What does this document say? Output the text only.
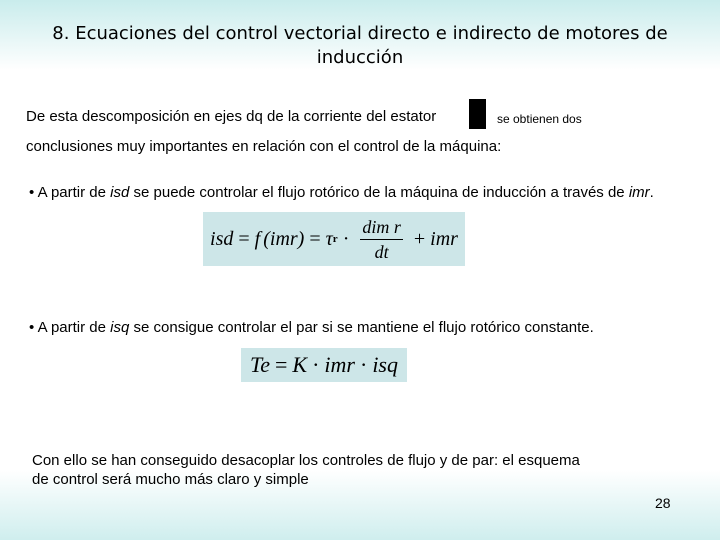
8. Ecuaciones del control vectorial directo e indirecto de motores de inducción
De esta descomposición en ejes dq de la corriente del estator	se obtienen dos
conclusiones muy importantes en relación con el control de la máquina:
• A partir de isd se puede controlar el flujo rotórico de la máquina de inducción a través de imr.
isd = f (imr) = τ $r \cdot \frac{\text{dim r}}{dt}$ + imr
• A partir de isq se consigue controlar el par si se mantiene el flujo rotórico constante.
Te = K · imr · isq
Con ello se han conseguido desacoplar los controles de flujo y de par: el esquema
de control será mucho más claro y simple
28
